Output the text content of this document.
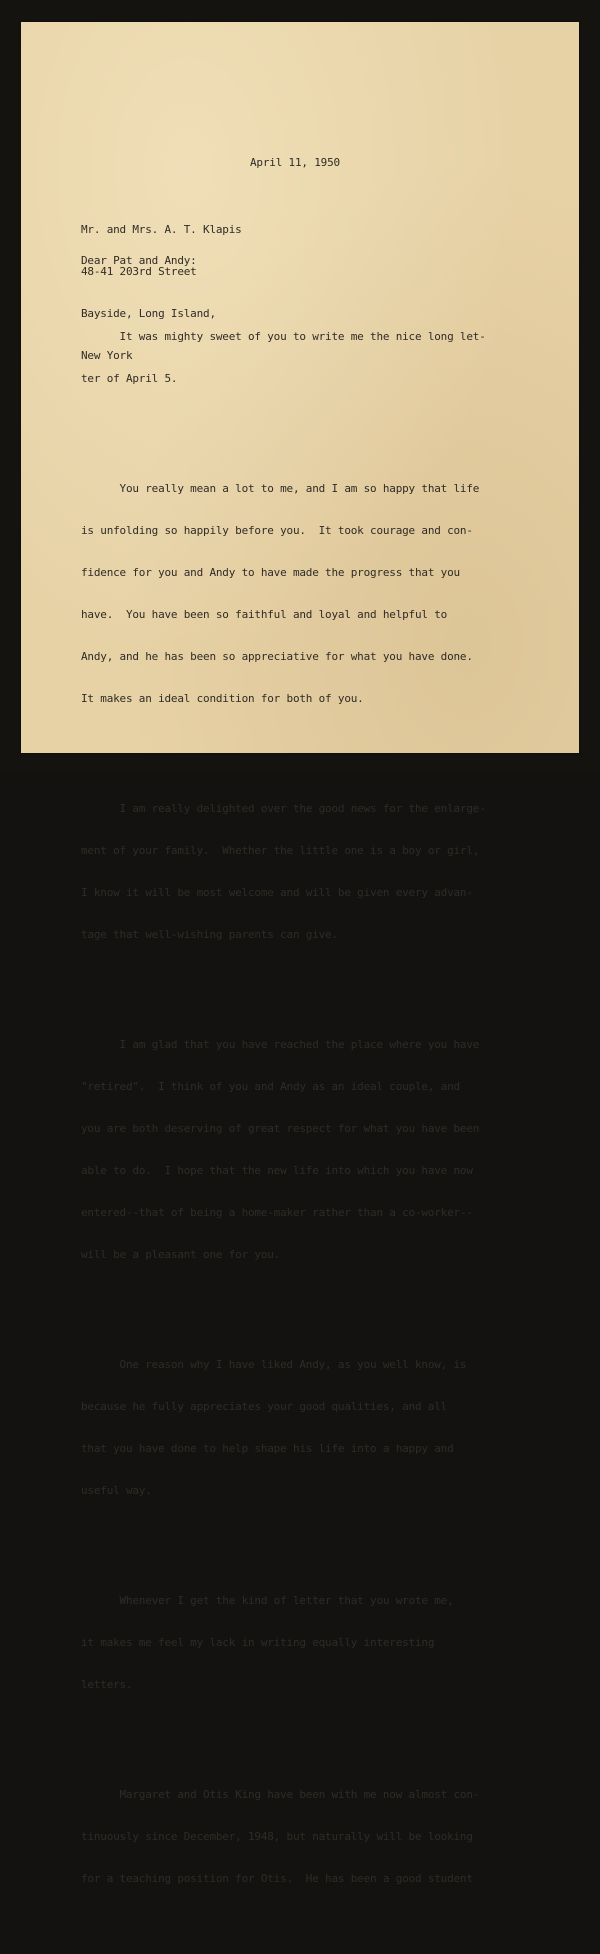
April 11, 1950

Mr. and Mrs. A. T. Klapis

48-41 203rd Street

Bayside, Long Island,

New York

Dear Pat and Andy:

It was mighty sweet of you to write me the nice long let-

ter of April 5.

You really mean a lot to me, and I am so happy that life

is unfolding so happily before you.  It took courage and con-

fidence for you and Andy to have made the progress that you

have.  You have been so faithful and loyal and helpful to

Andy, and he has been so appreciative for what you have done.

It makes an ideal condition for both of you.

I am really delighted over the good news for the enlarge-

ment of your family.  Whether the little one is a boy or girl,

I know it will be most welcome and will be given every advan-

tage that well-wishing parents can give.

I am glad that you have reached the place where you have

"retired".  I think of you and Andy as an ideal couple, and

you are both deserving of great respect for what you have been

able to do.  I hope that the new life into which you have now

entered--that of being a home-maker rather than a co-worker--

will be a pleasant one for you.

One reason why I have liked Andy, as you well know, is

because he fully appreciates your good qualities, and all

that you have done to help shape his life into a happy and

useful way.

Whenever I get the kind of letter that you wrote me,

it makes me feel my lack in writing equally interesting

letters.

Margaret and Otis King have been with me now almost con-

tinuously since December, 1948, but naturally will be looking

for a teaching position for Otis.  He has been a good student
